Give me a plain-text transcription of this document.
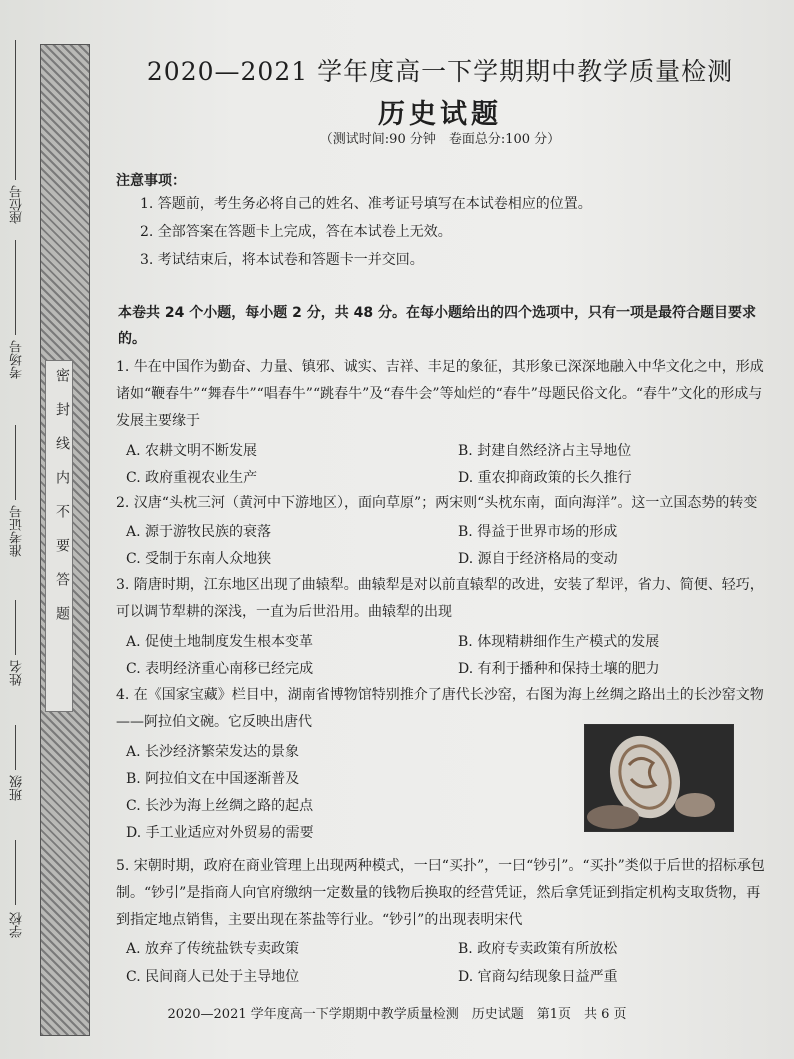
密封线内不要答题
座位号
考场号
准考证号
姓名
班级
学校
2020—2021 学年度高一下学期期中教学质量检测
历史试题
（测试时间:90 分钟　卷面总分:100 分）
注意事项：
1. 答题前，考生务必将自己的姓名、准考证号填写在本试卷相应的位置。
2. 全部答案在答题卡上完成，答在本试卷上无效。
3. 考试结束后，将本试卷和答题卡一并交回。
本卷共 24 个小题，每小题 2 分，共 48 分。在每小题给出的四个选项中，只有一项是最符合题目要求的。
1. 牛在中国作为勤奋、力量、镇邪、诚实、吉祥、丰足的象征，其形象已深深地融入中华文化之中，形成诸如“鞭春牛”“舞春牛”“唱春牛”“跳春牛”及“春牛会”等灿烂的“春牛”母题民俗文化。“春牛”文化的形成与发展主要缘于
A. 农耕文明不断发展	B. 封建自然经济占主导地位
C. 政府重视农业生产	D. 重农抑商政策的长久推行
2. 汉唐“头枕三河（黄河中下游地区），面向草原”；两宋则“头枕东南，面向海洋”。这一立国态势的转变
A. 源于游牧民族的衰落	B. 得益于世界市场的形成
C. 受制于东南人众地狭	D. 源自于经济格局的变动
3. 隋唐时期，江东地区出现了曲辕犁。曲辕犁是对以前直辕犁的改进，安装了犁评，省力、简便、轻巧，可以调节犁耕的深浅，一直为后世沿用。曲辕犁的出现
A. 促使土地制度发生根本变革	B. 体现精耕细作生产模式的发展
C. 表明经济重心南移已经完成	D. 有利于播种和保持土壤的肥力
4. 在《国家宝藏》栏目中，湖南省博物馆特别推介了唐代长沙窑，右图为海上丝绸之路出土的长沙窑文物——阿拉伯文碗。它反映出唐代
A. 长沙经济繁荣发达的景象
B. 阿拉伯文在中国逐渐普及
C. 长沙为海上丝绸之路的起点
D. 手工业适应对外贸易的需要
5. 宋朝时期，政府在商业管理上出现两种模式，一曰“买扑”，一曰“钞引”。“买扑”类似于后世的招标承包制。“钞引”是指商人向官府缴纳一定数量的钱物后换取的经营凭证，然后拿凭证到指定机构支取货物，再到指定地点销售，主要出现在茶盐等行业。“钞引”的出现表明宋代
A. 放弃了传统盐铁专卖政策	B. 政府专卖政策有所放松
C. 民间商人已处于主导地位	D. 官商勾结现象日益严重
2020—2021 学年度高一下学期期中教学质量检测　历史试题　第1页　共 6 页
